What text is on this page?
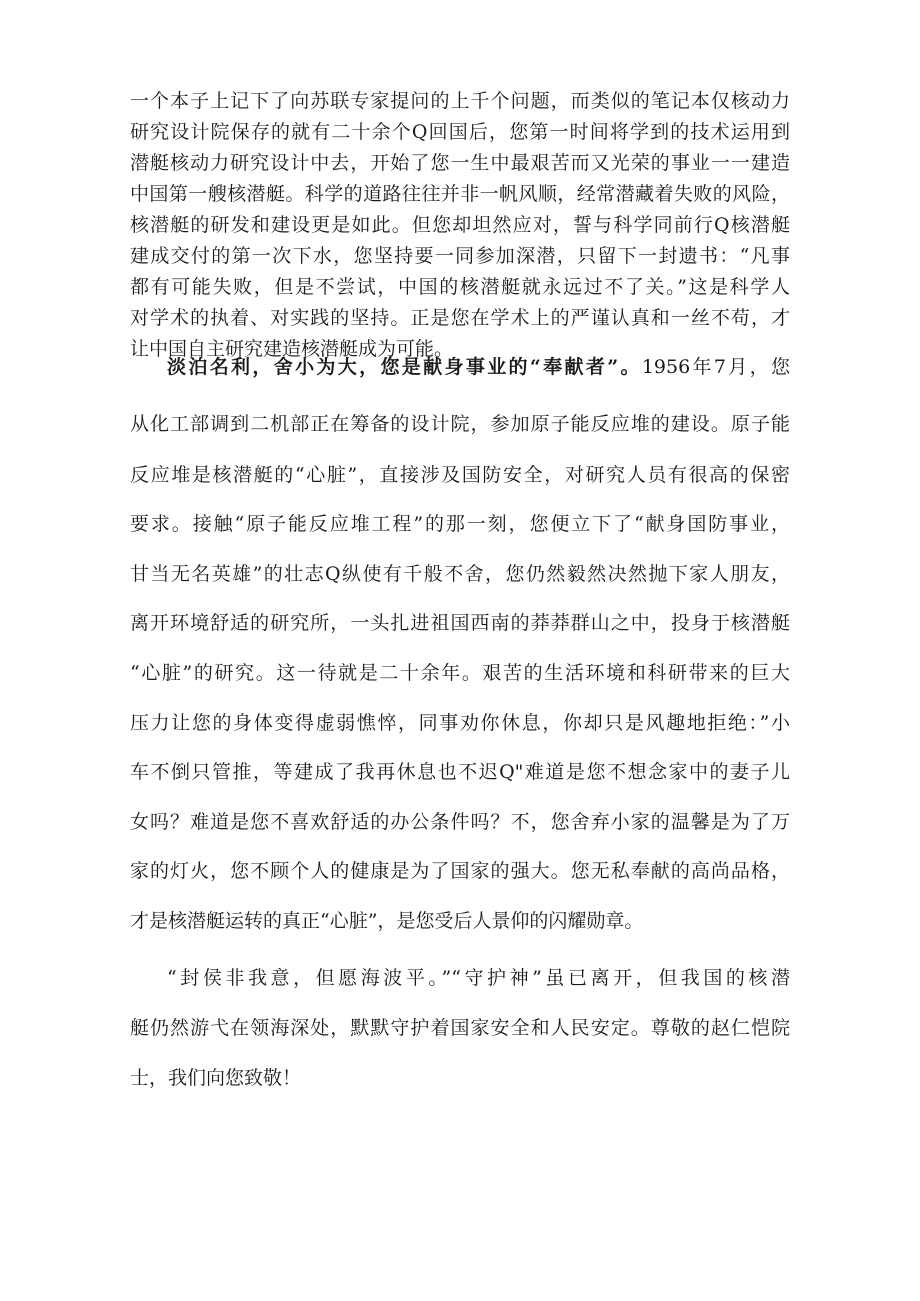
一个本子上记下了向苏联专家提问的上千个问题，而类似的笔记本仅核动力
研究设计院保存的就有二十余个Q回国后，您第一时间将学到的技术运用到
潜艇核动力研究设计中去，开始了您一生中最艰苦而又光荣的事业一一建造
中国第一艘核潜艇。科学的道路往往并非一帆风顺，经常潜藏着失败的风险，
核潜艇的研发和建设更是如此。但您却坦然应对，誓与科学同前行Q核潜艇
建成交付的第一次下水，您坚持要一同参加深潜，只留下一封遗书：“凡事
都有可能失败，但是不尝试，中国的核潜艇就永远过不了关。”这是科学人
对学术的执着、对实践的坚持。正是您在学术上的严谨认真和一丝不苟，才
让中国自主研究建造核潜艇成为可能。
淡泊名利，舍小为大，您是献身事业的“奉献者”。1956年7月，您
从化工部调到二机部正在筹备的设计院，参加原子能反应堆的建设。原子能
反应堆是核潜艇的“心脏”，直接涉及国防安全，对研究人员有很高的保密
要求。接触“原子能反应堆工程”的那一刻，您便立下了“献身国防事业，
甘当无名英雄”的壮志Q纵使有千般不舍，您仍然毅然决然抛下家人朋友，
离开环境舒适的研究所，一头扎进祖国西南的莽莽群山之中，投身于核潜艇
“心脏”的研究。这一待就是二十余年。艰苦的生活环境和科研带来的巨大
压力让您的身体变得虚弱憔悴，同事劝你休息，你却只是风趣地拒绝：”小
车不倒只管推，等建成了我再休息也不迟Q"难道是您不想念家中的妻子儿
女吗？难道是您不喜欢舒适的办公条件吗？不，您舍弃小家的温馨是为了万
家的灯火，您不顾个人的健康是为了国家的强大。您无私奉献的高尚品格，
才是核潜艇运转的真正“心脏”，是您受后人景仰的闪耀勋章。
“封侯非我意，但愿海波平。”“守护神”虽已离开，但我国的核潜
艇仍然游弋在领海深处，默默守护着国家安全和人民安定。尊敬的赵仁恺院
士，我们向您致敬！
